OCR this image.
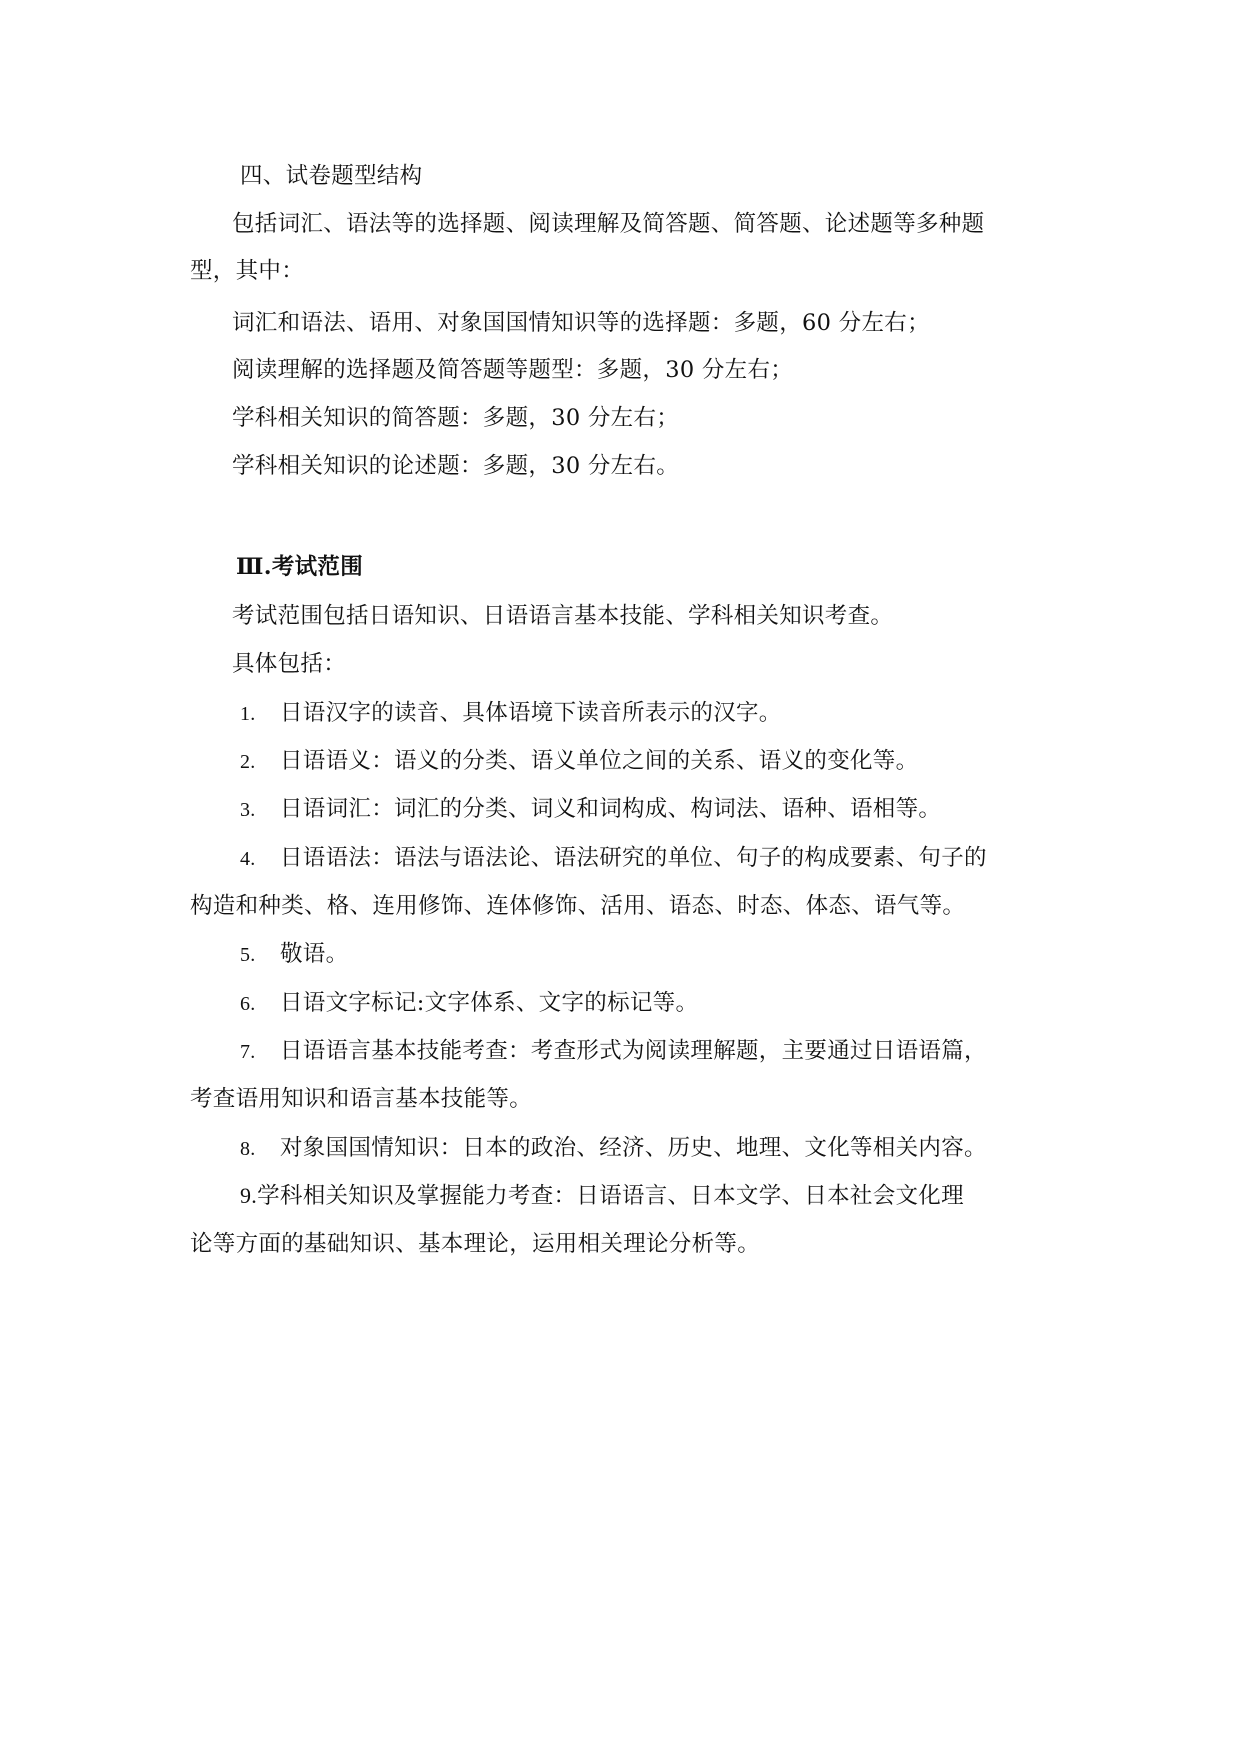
四、试卷题型结构
包括词汇、语法等的选择题、阅读理解及简答题、简答题、论述题等多种题
型，其中：
词汇和语法、语用、对象国国情知识等的选择题：多题，60 分左右；
阅读理解的选择题及简答题等题型：多题，30 分左右；
学科相关知识的简答题：多题，30 分左右；
学科相关知识的论述题：多题，30 分左右。
Ⅲ.考试范围
考试范围包括日语知识、日语语言基本技能、学科相关知识考查。
具体包括：
1. 日语汉字的读音、具体语境下读音所表示的汉字。
2. 日语语义：语义的分类、语义单位之间的关系、语义的变化等。
3. 日语词汇：词汇的分类、词义和词构成、构词法、语种、语相等。
4. 日语语法：语法与语法论、语法研究的单位、句子的构成要素、句子的
构造和种类、格、连用修饰、连体修饰、活用、语态、时态、体态、语气等。
5. 敬语。
6. 日语文字标记:文字体系、文字的标记等。
7. 日语语言基本技能考查：考查形式为阅读理解题，主要通过日语语篇，
考查语用知识和语言基本技能等。
8. 对象国国情知识：日本的政治、经济、历史、地理、文化等相关内容。
9.学科相关知识及掌握能力考查：日语语言、日本文学、日本社会文化理
论等方面的基础知识、基本理论，运用相关理论分析等。
